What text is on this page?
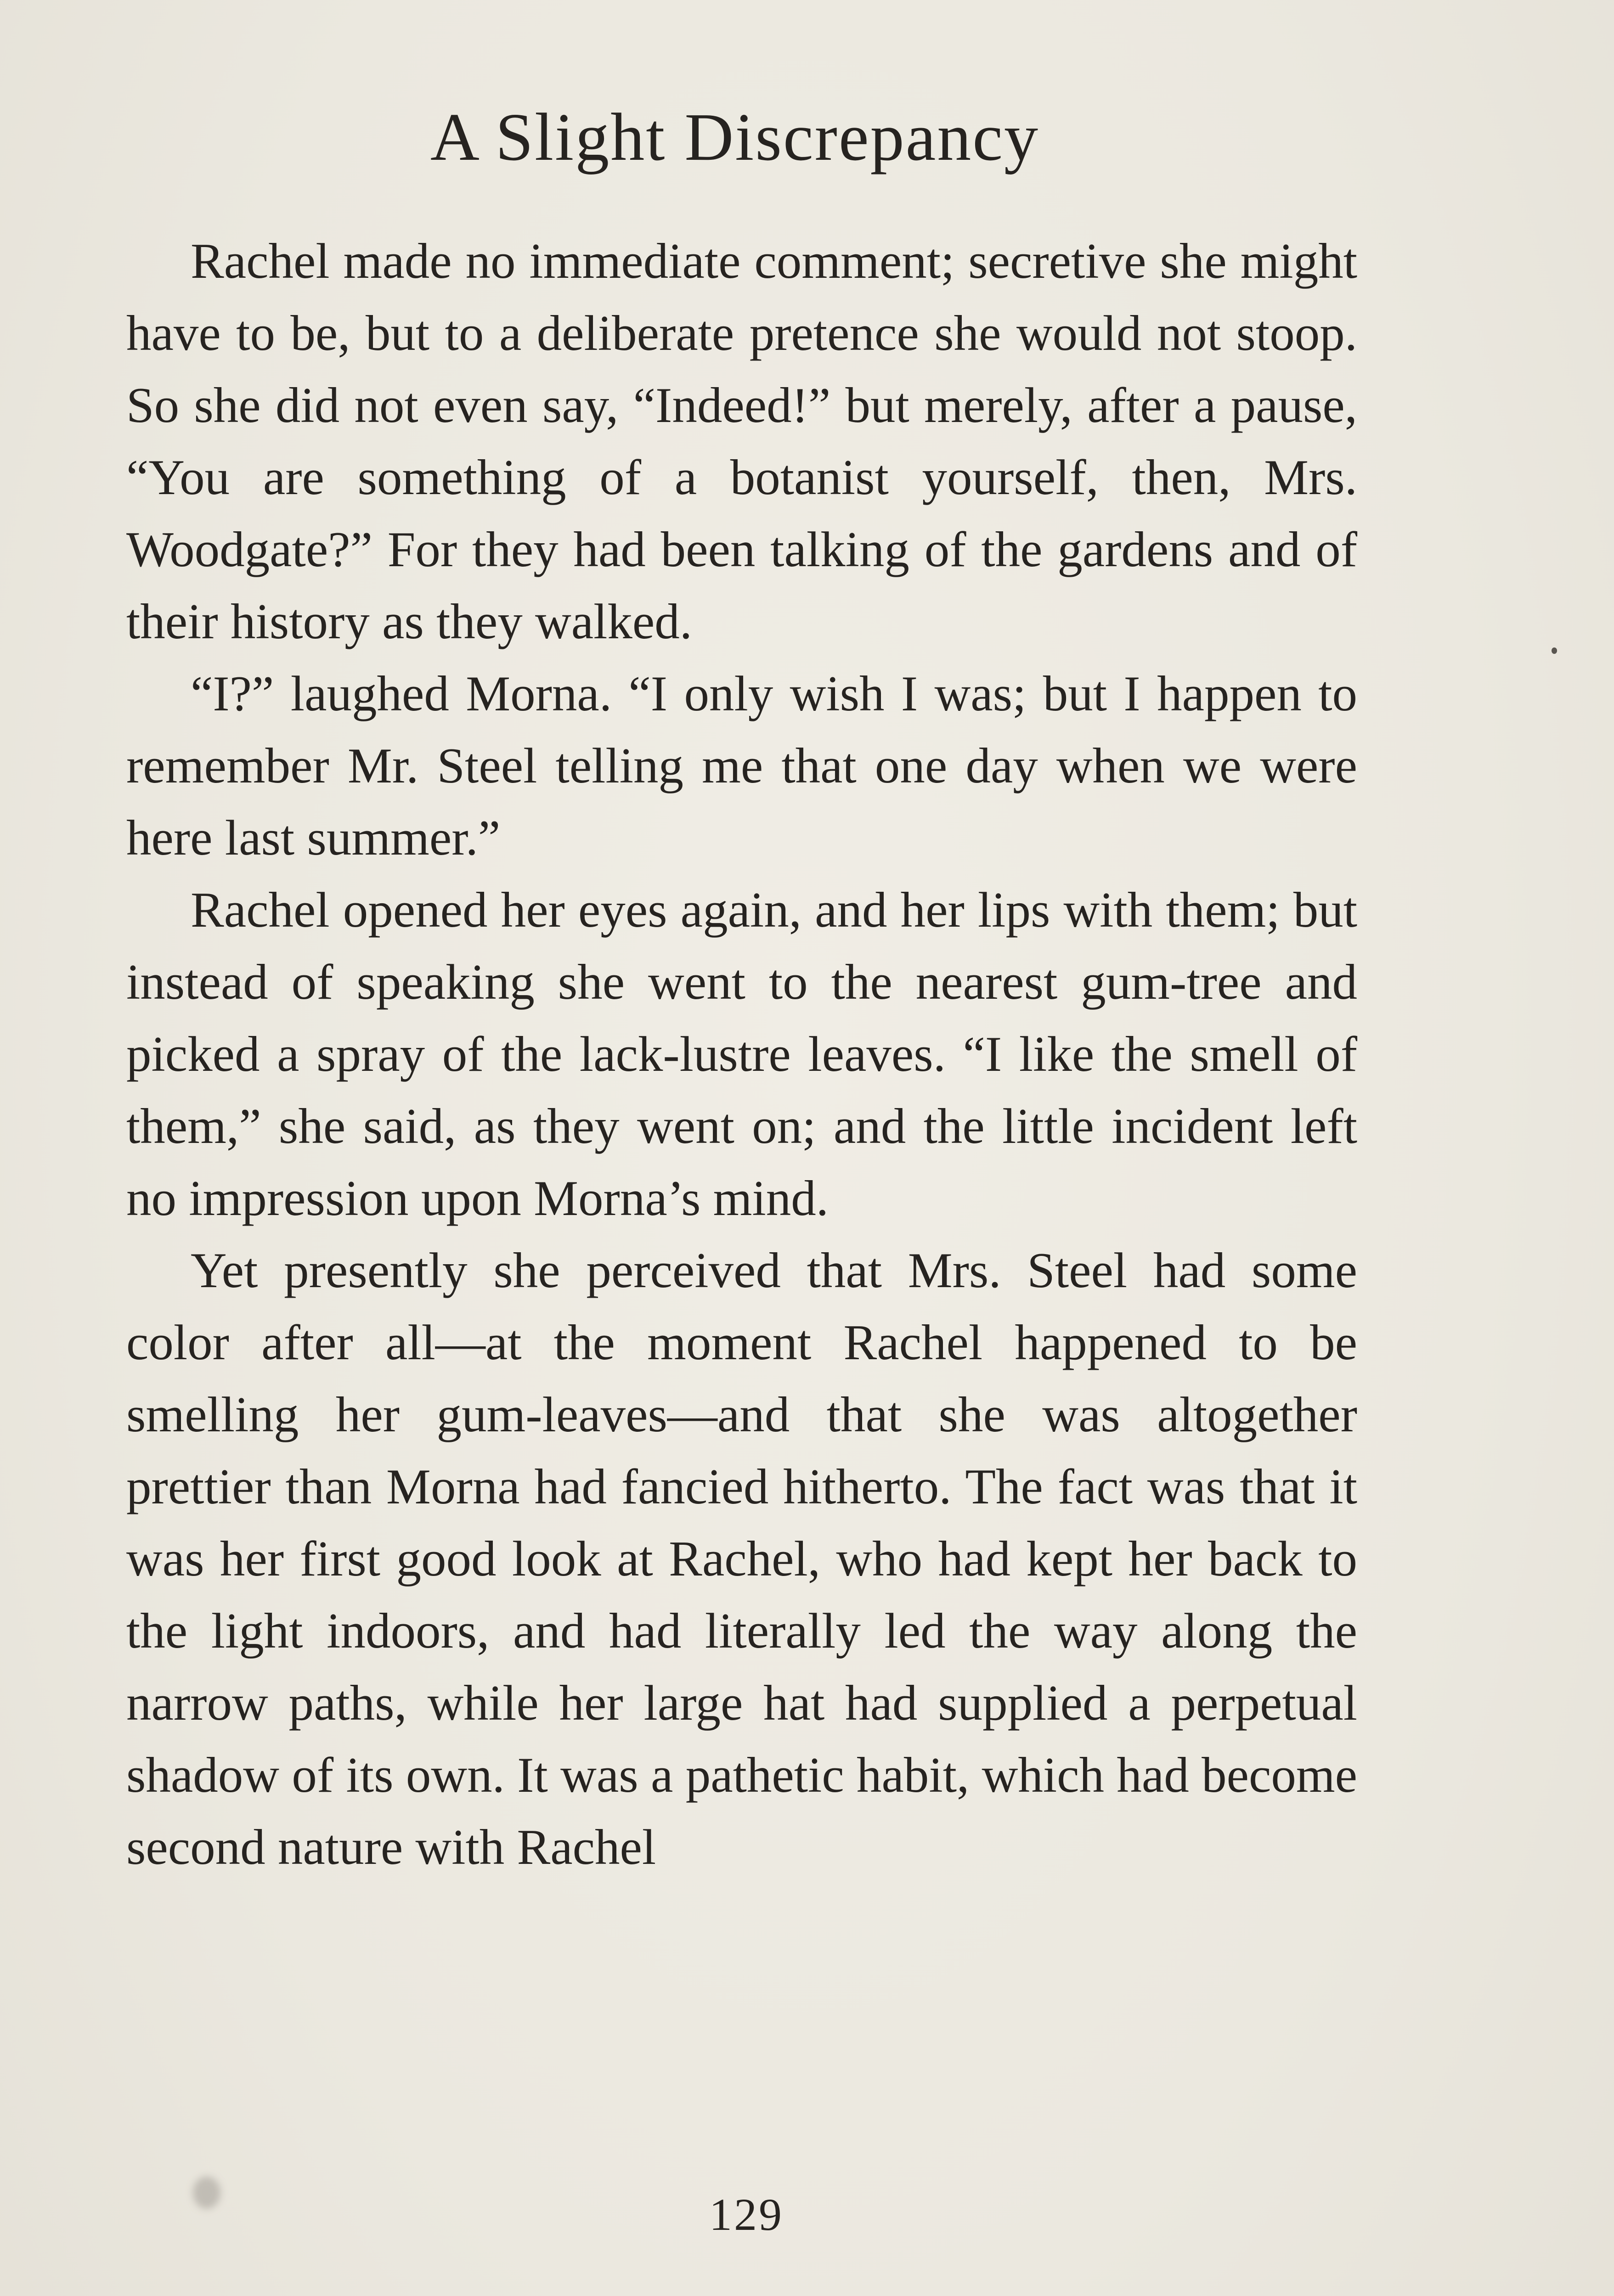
A Slight Discrepancy

Rachel made no immediate comment; secretive she might have to be, but to a deliberate pretence she would not stoop. So she did not even say, “Indeed!” but merely, after a pause, “You are something of a botanist yourself, then, Mrs. Woodgate?” For they had been talking of the gardens and of their history as they walked.

“I?” laughed Morna. “I only wish I was; but I happen to remember Mr. Steel telling me that one day when we were here last summer.”

Rachel opened her eyes again, and her lips with them; but instead of speaking she went to the nearest gum-tree and picked a spray of the lack-lustre leaves. “I like the smell of them,” she said, as they went on; and the little incident left no impression upon Morna’s mind.

Yet presently she perceived that Mrs. Steel had some color after all—at the moment Rachel happened to be smelling her gum-leaves—and that she was altogether prettier than Morna had fancied hitherto. The fact was that it was her first good look at Rachel, who had kept her back to the light indoors, and had literally led the way along the narrow paths, while her large hat had supplied a perpetual shadow of its own. It was a pathetic habit, which had become second nature with Rachel

129
